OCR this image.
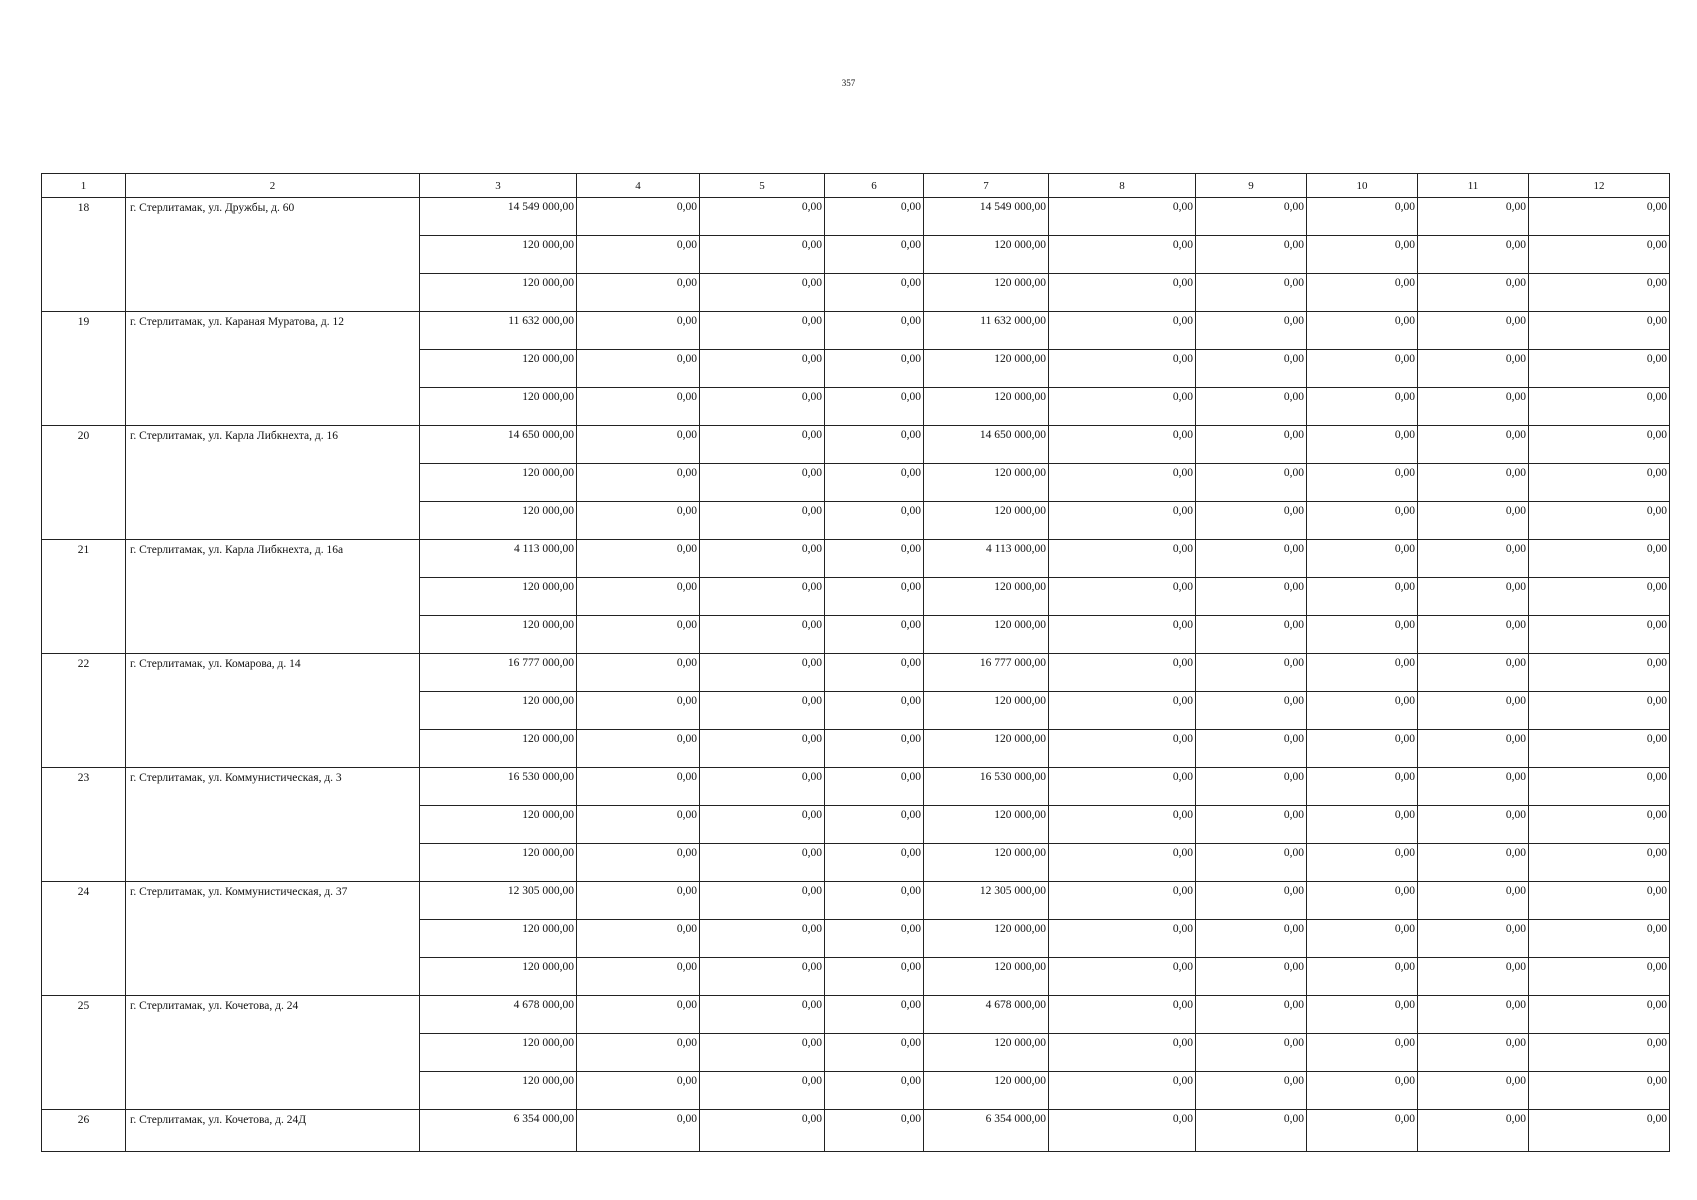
357
1	2	3	4	5	6	7	8	9	10	11	12
18	г. Стерлитамак, ул. Дружбы, д. 60	14 549 000,00	0,00	0,00	0,00	14 549 000,00	0,00	0,00	0,00	0,00	0,00
		120 000,00	0,00	0,00	0,00	120 000,00	0,00	0,00	0,00	0,00	0,00
		120 000,00	0,00	0,00	0,00	120 000,00	0,00	0,00	0,00	0,00	0,00
19	г. Стерлитамак, ул. Караная Муратова, д. 12	11 632 000,00	0,00	0,00	0,00	11 632 000,00	0,00	0,00	0,00	0,00	0,00
		120 000,00	0,00	0,00	0,00	120 000,00	0,00	0,00	0,00	0,00	0,00
		120 000,00	0,00	0,00	0,00	120 000,00	0,00	0,00	0,00	0,00	0,00
20	г. Стерлитамак, ул. Карла Либкнехта, д. 16	14 650 000,00	0,00	0,00	0,00	14 650 000,00	0,00	0,00	0,00	0,00	0,00
		120 000,00	0,00	0,00	0,00	120 000,00	0,00	0,00	0,00	0,00	0,00
		120 000,00	0,00	0,00	0,00	120 000,00	0,00	0,00	0,00	0,00	0,00
21	г. Стерлитамак, ул. Карла Либкнехта, д. 16а	4 113 000,00	0,00	0,00	0,00	4 113 000,00	0,00	0,00	0,00	0,00	0,00
		120 000,00	0,00	0,00	0,00	120 000,00	0,00	0,00	0,00	0,00	0,00
		120 000,00	0,00	0,00	0,00	120 000,00	0,00	0,00	0,00	0,00	0,00
22	г. Стерлитамак, ул. Комарова, д. 14	16 777 000,00	0,00	0,00	0,00	16 777 000,00	0,00	0,00	0,00	0,00	0,00
		120 000,00	0,00	0,00	0,00	120 000,00	0,00	0,00	0,00	0,00	0,00
		120 000,00	0,00	0,00	0,00	120 000,00	0,00	0,00	0,00	0,00	0,00
23	г. Стерлитамак, ул. Коммунистическая, д. 3	16 530 000,00	0,00	0,00	0,00	16 530 000,00	0,00	0,00	0,00	0,00	0,00
		120 000,00	0,00	0,00	0,00	120 000,00	0,00	0,00	0,00	0,00	0,00
		120 000,00	0,00	0,00	0,00	120 000,00	0,00	0,00	0,00	0,00	0,00
24	г. Стерлитамак, ул. Коммунистическая, д. 37	12 305 000,00	0,00	0,00	0,00	12 305 000,00	0,00	0,00	0,00	0,00	0,00
		120 000,00	0,00	0,00	0,00	120 000,00	0,00	0,00	0,00	0,00	0,00
		120 000,00	0,00	0,00	0,00	120 000,00	0,00	0,00	0,00	0,00	0,00
25	г. Стерлитамак, ул. Кочетова, д. 24	4 678 000,00	0,00	0,00	0,00	4 678 000,00	0,00	0,00	0,00	0,00	0,00
		120 000,00	0,00	0,00	0,00	120 000,00	0,00	0,00	0,00	0,00	0,00
		120 000,00	0,00	0,00	0,00	120 000,00	0,00	0,00	0,00	0,00	0,00
26	г. Стерлитамак, ул. Кочетова, д. 24Д	6 354 000,00	0,00	0,00	0,00	6 354 000,00	0,00	0,00	0,00	0,00	0,00
